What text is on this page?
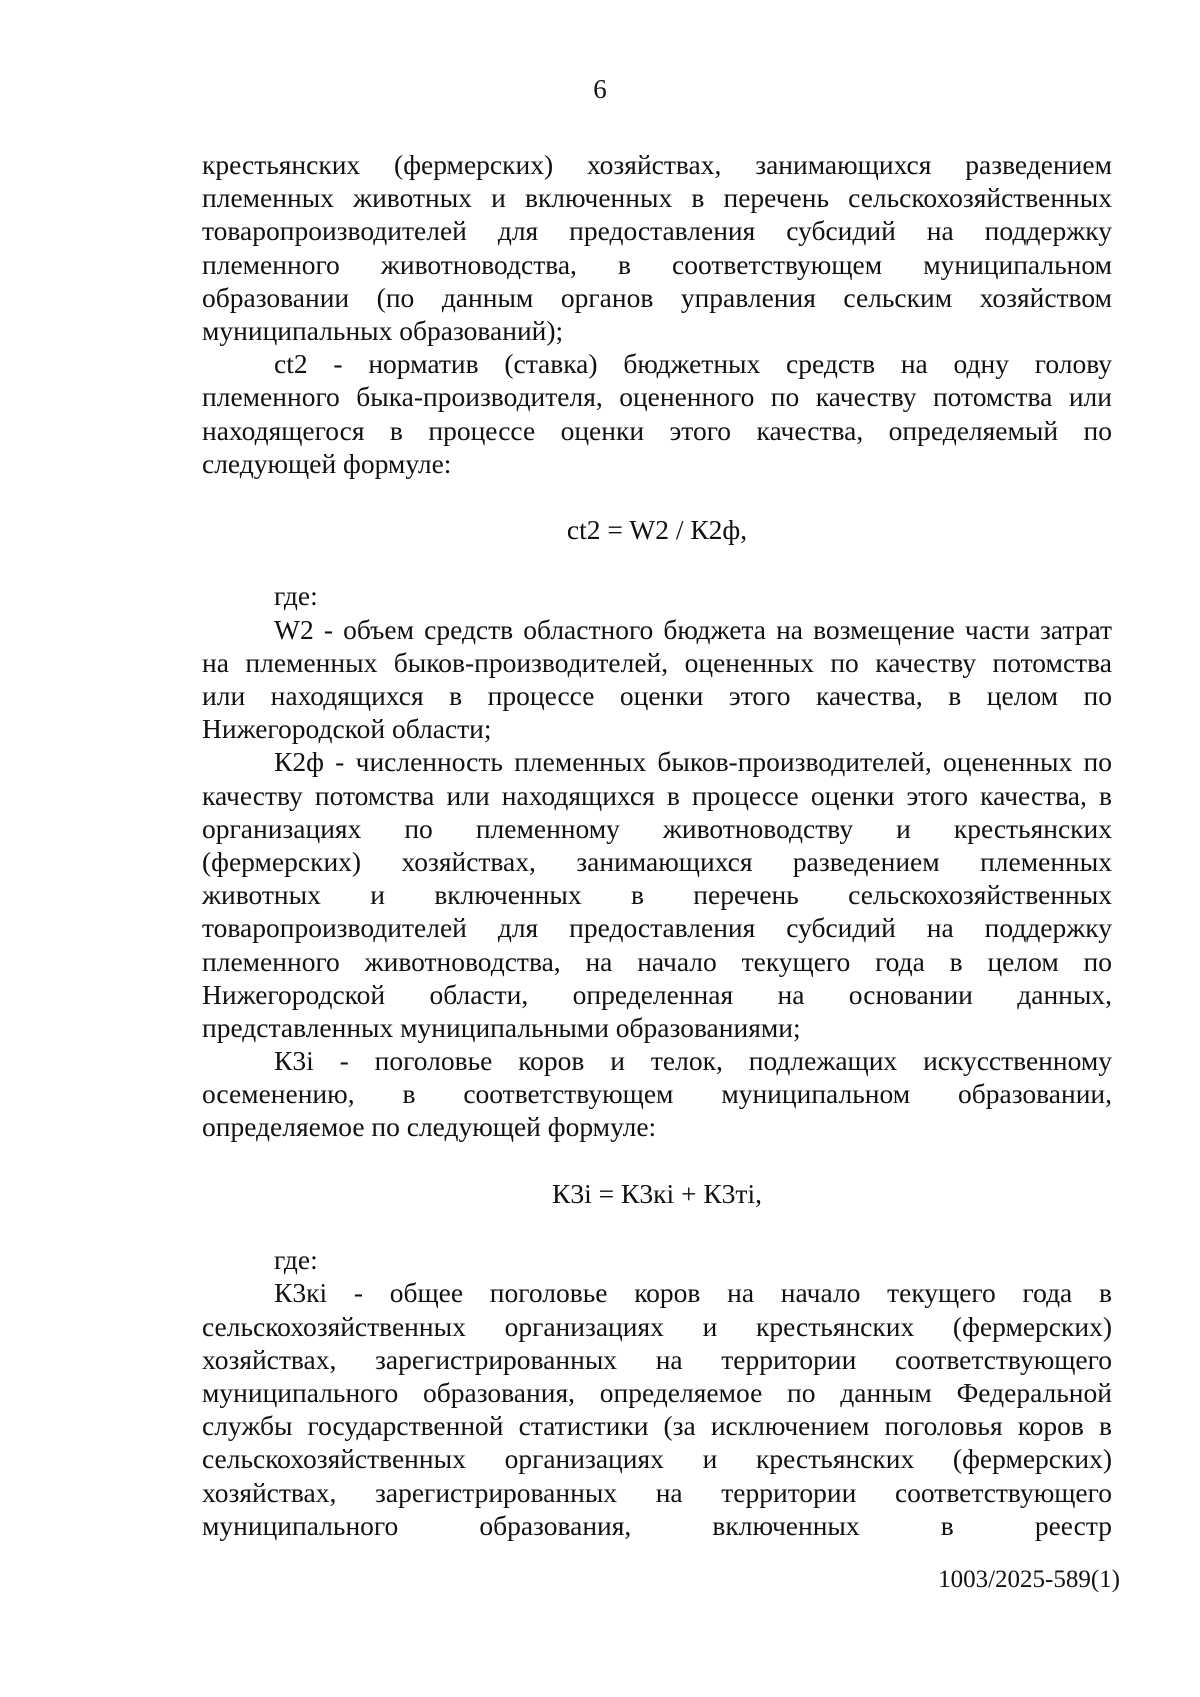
6
крестьянских (фермерских) хозяйствах, занимающихся разведением
племенных животных и включенных в перечень сельскохозяйственных
товаропроизводителей для предоставления субсидий на поддержку
племенного животноводства, в соответствующем муниципальном
образовании (по данным органов управления сельским хозяйством
муниципальных образований);
ct2 - норматив (ставка) бюджетных средств на одну голову
племенного быка-производителя, оцененного по качеству потомства или
находящегося в процессе оценки этого качества, определяемый по
следующей формуле:
ct2 = W2 / К2ф,
где:
W2 - объем средств областного бюджета на возмещение части затрат
на племенных быков-производителей, оцененных по качеству потомства
или находящихся в процессе оценки этого качества, в целом по
Нижегородской области;
К2ф - численность племенных быков-производителей, оцененных по
качеству потомства или находящихся в процессе оценки этого качества, в
организациях по племенному животноводству и крестьянских
(фермерских) хозяйствах, занимающихся разведением племенных
животных и включенных в перечень сельскохозяйственных
товаропроизводителей для предоставления субсидий на поддержку
племенного животноводства, на начало текущего года в целом по
Нижегородской области, определенная на основании данных,
представленных муниципальными образованиями;
К3i - поголовье коров и телок, подлежащих искусственному
осеменению, в соответствующем муниципальном образовании,
определяемое по следующей формуле:
К3i = К3кi + К3тi,
где:
К3кi - общее поголовье коров на начало текущего года в
сельскохозяйственных организациях и крестьянских (фермерских)
хозяйствах, зарегистрированных на территории соответствующего
муниципального образования, определяемое по данным Федеральной
службы государственной статистики (за исключением поголовья коров в
сельскохозяйственных организациях и крестьянских (фермерских)
хозяйствах, зарегистрированных на территории соответствующего
муниципального образования, включенных в реестр
1003/2025-589(1)
